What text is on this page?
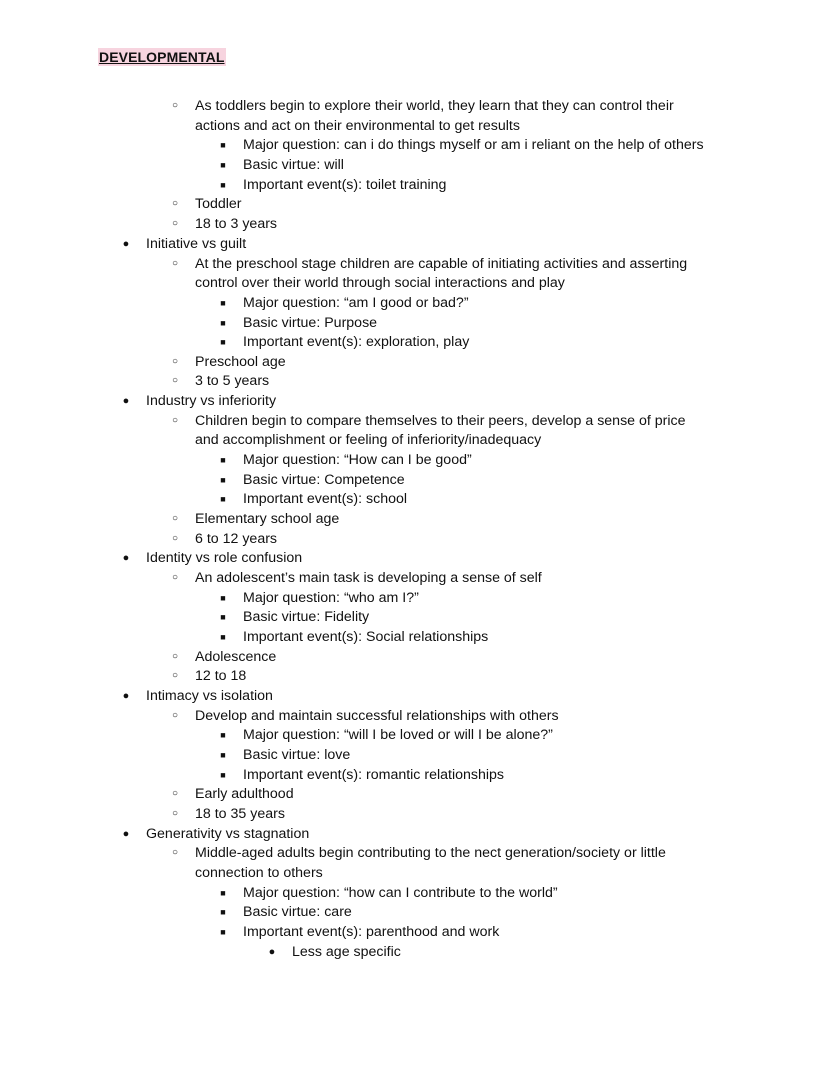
DEVELOPMENTAL
○ As toddlers begin to explore their world, they learn that they can control their
actions and act on their environmental to get results
■	Major question: can i do things myself or am i reliant on the help of others
■	Basic virtue: will
■	Important event(s): toilet training
○ Toddler
○ 18 to 3 years
● Initiative vs guilt
○ At the preschool stage children are capable of initiating activities and asserting
control over their world through social interactions and play
■	Major question: “am I good or bad?”
■	Basic virtue: Purpose
■	Important event(s): exploration, play
○ Preschool age
○ 3 to 5 years
● Industry vs inferiority
○ Children begin to compare themselves to their peers, develop a sense of price
and accomplishment or feeling of inferiority/inadequacy
■	Major question: “How can I be good”
■	Basic virtue: Competence
■	Important event(s): school
○ Elementary school age
○ 6 to 12 years
● Identity vs role confusion
○ An adolescent’s main task is developing a sense of self
■	Major question: “who am I?”
■	Basic virtue: Fidelity
■	Important event(s): Social relationships
○ Adolescence
○ 12 to 18
● Intimacy vs isolation
○ Develop and maintain successful relationships with others
■	Major question: “will I be loved or will I be alone?”
■	Basic virtue: love
■	Important event(s): romantic relationships
○ Early adulthood
○ 18 to 35 years
● Generativity vs stagnation
○ Middle-aged adults begin contributing to the nect generation/society or little
connection to others
■	Major question: “how can I contribute to the world”
■	Basic virtue: care
■	Important event(s): parenthood and work
● Less age specific
